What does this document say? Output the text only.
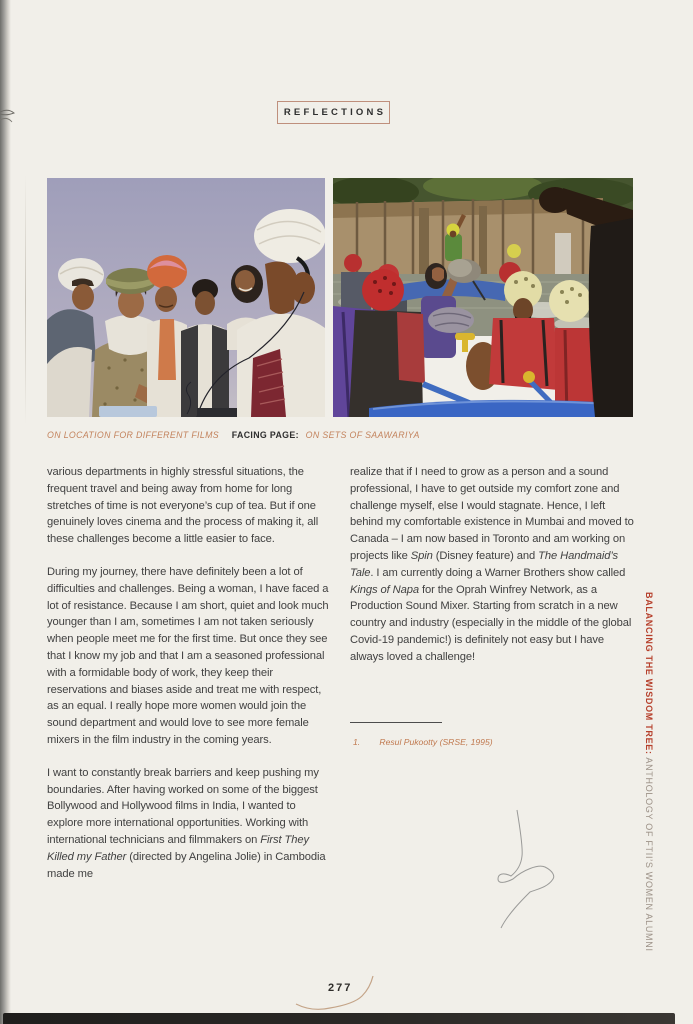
REFLECTIONS
ON LOCATION FOR DIFFERENT FILMS FACING PAGE: ON SETS OF SAAWARIYA

various departments in highly stressful situations, the frequent travel and being away from home for long stretches of time is not everyone’s cup of tea. But if one genuinely loves cinema and the process of making it, all these challenges become a little easier to face.

During my journey, there have definitely been a lot of difficulties and challenges. Being a woman, I have faced a lot of resistance. Because I am short, quiet and look much younger than I am, sometimes I am not taken seriously when people meet me for the first time. But once they see that I know my job and that I am a seasoned professional with a formidable body of work, they keep their reservations and biases aside and treat me with respect, as an equal. I really hope more women would join the sound department and would love to see more female mixers in the film industry in the coming years.

I want to constantly break barriers and keep pushing my boundaries. After having worked on some of the biggest Bollywood and Hollywood films in India, I wanted to explore more international opportunities. Working with international technicians and filmmakers on First They Killed my Father (directed by Angelina Jolie) in Cambodia made me

realize that if I need to grow as a person and a sound professional, I have to get outside my comfort zone and challenge myself, else I would stagnate. Hence, I left behind my comfortable existence in Mumbai and moved to Canada – I am now based in Toronto and am working on projects like Spin (Disney feature) and The Handmaid’s Tale. I am currently doing a Warner Brothers show called Kings of Napa for the Oprah Winfrey Network, as a Production Sound Mixer. Starting from scratch in a new country and industry (especially in the middle of the global Covid-19 pandemic!) is definitely not easy but I have always loved a challenge!

1. Resul Pukootty (SRSE, 1995)	BALANCING THE WISDOM TREE: ANTHOLOGY OF FTII’S WOMEN ALUMNI
277
